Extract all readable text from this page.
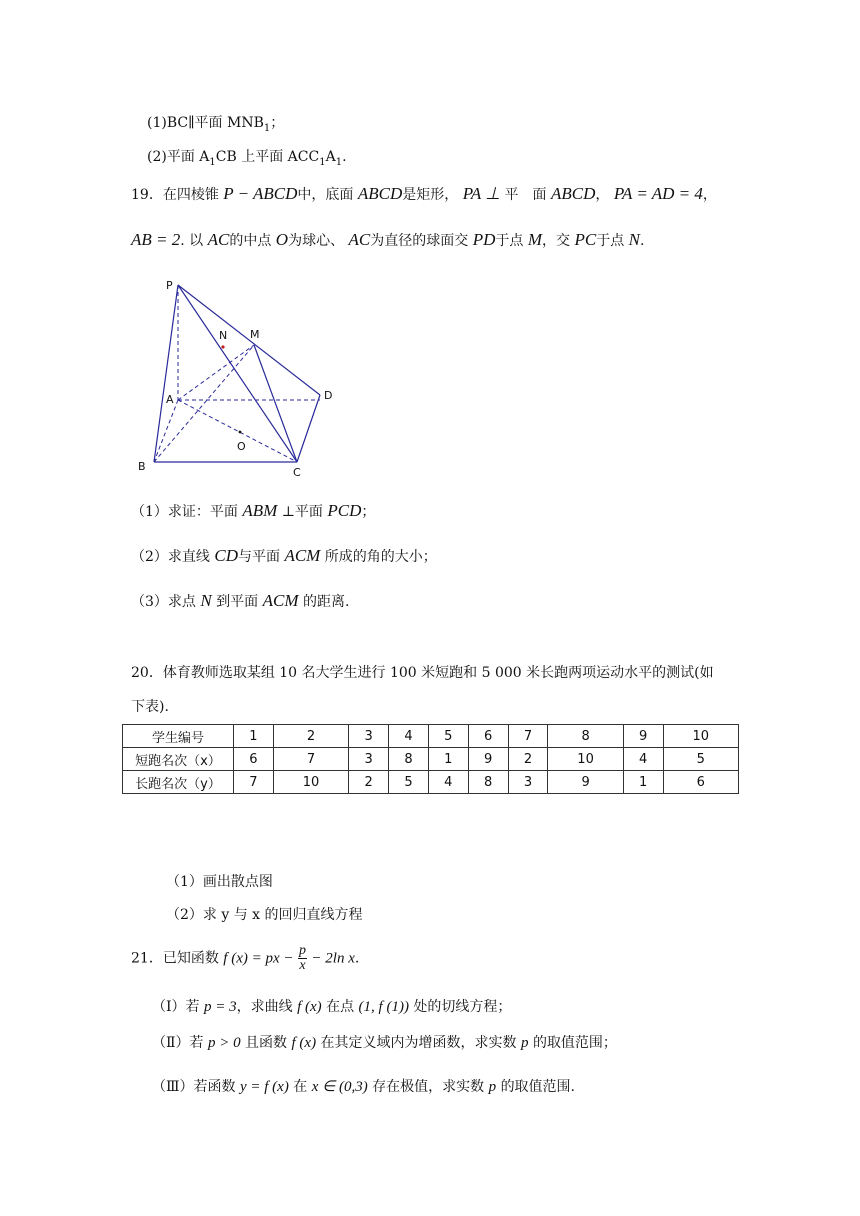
(1)BC∥平面 $MNB_1$；
(2)平面 $A_1CB$ 上平面 $ACC_1A_1$.
19．在四棱锥 P − ABCD中，底面 ABCD是矩形， PA ⊥ 平　面 ABCD， PA = AD = 4，
AB = 2. 以 AC的中点 O为球心、 AC为直径的球面交 PD于点 M，交 PC于点 N.
P
N M
A	D
O
B	C
（1）求证：平面 ABM ⊥平面 PCD；
（2）求直线 CD与平面 ACM 所成的角的大小；
（3）求点 N 到平面 ACM 的距离.
20．体育教师选取某组 10 名大学生进行 100 米短跑和 5 000 米长跑两项运动水平的测试(如
下表).
学生编号	1	2	3	4	5	6	7	8	9	10
短跑名次（x）	6	7	3	8	1	9	2	10	4	5
长跑名次（y）	7	10	2	5	4	8	3	9	1	6
（1）画出散点图
（2）求 y 与 x 的回归直线方程
21．已知函数 f (x) = px − $\frac{p}{x} - 2\ln$ x.
（Ⅰ）若 p = 3，求曲线 f (x) 在点 (1, f (1)) 处的切线方程；
（Ⅱ）若 p > 0 且函数 f (x) 在其定义域内为增函数，求实数 p 的取值范围；
（Ⅲ）若函数 y = f (x) 在 x ∈ (0,3) 存在极值，求实数 p 的取值范围.
